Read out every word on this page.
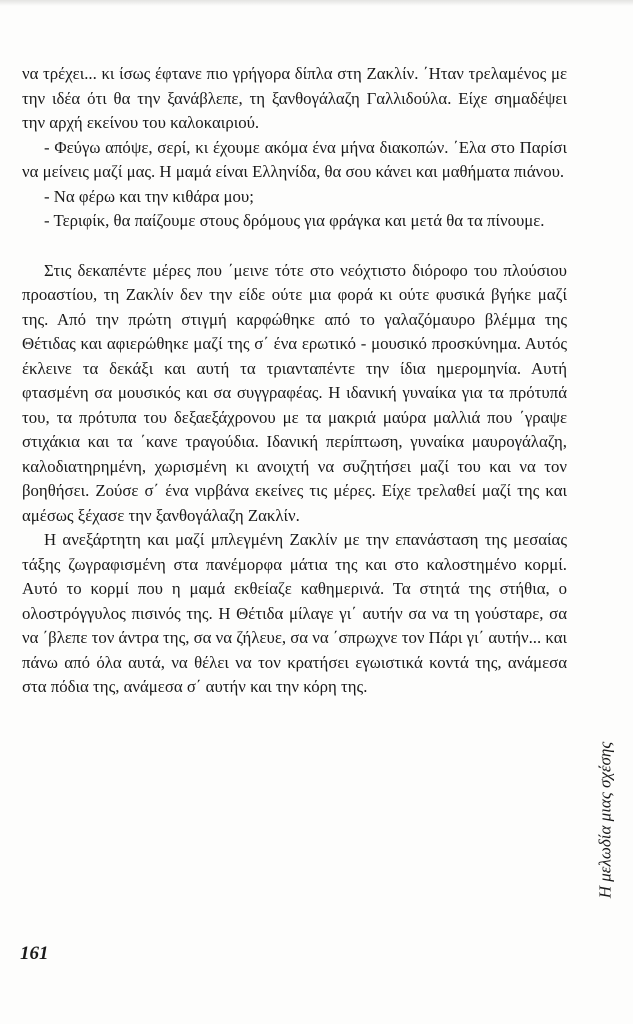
να τρέχει... κι ίσως έφτανε πιο γρήγορα δίπλα στη Ζακλίν. ΄Ηταν τρελαμένος με την ιδέα ότι θα την ξανάβλεπε, τη ξανθογάλαζη Γαλλιδούλα. Είχε σημαδέψει την αρχή εκείνου του καλοκαιριού.

- Φεύγω απόψε, σερί, κι έχουμε ακόμα ένα μήνα διακοπών. ΄Ελα στο Παρίσι να μείνεις μαζί μας. Η μαμά είναι Ελληνίδα, θα σου κάνει και μαθήματα πιάνου.

- Να φέρω και την κιθάρα μου;

- Τεριφίκ, θα παίζουμε στους δρόμους για φράγκα και μετά θα τα πίνουμε.

Στις δεκαπέντε μέρες που ΄μεινε τότε στο νεόχτιστο διόροφο του πλούσιου προαστίου, τη Ζακλίν δεν την είδε ούτε μια φορά κι ούτε φυσικά βγήκε μαζί της. Από την πρώτη στιγμή καρφώθηκε από το γαλαζόμαυρο βλέμμα της Θέτιδας και αφιερώθηκε μαζί της σ΄ ένα ερωτικό - μουσικό προσκύνημα. Αυτός έκλεινε τα δεκάξι και αυτή τα τριανταπέντε την ίδια ημερομηνία. Αυτή φτασμένη σα μουσικός και σα συγγραφέας. Η ιδανική γυναίκα για τα πρότυπά του, τα πρότυπα του δεξαεξάχρονου με τα μακριά μαύρα μαλλιά που ΄γραψε στιχάκια και τα ΄κανε τραγούδια. Ιδανική περίπτωση, γυναίκα μαυρογάλαζη, καλοδιατηρημένη, χωρισμένη κι ανοιχτή να συζητήσει μαζί του και να τον βοηθήσει. Ζούσε σ΄ ένα νιρβάνα εκείνες τις μέρες. Είχε τρελαθεί μαζί της και αμέσως ξέχασε την ξανθογάλαζη Ζακλίν.

Η ανεξάρτητη και μαζί μπλεγμένη Ζακλίν με την επανάσταση της μεσαίας τάξης ζωγραφισμένη στα πανέμορφα μάτια της και στο καλοστημένο κορμί. Αυτό το κορμί που η μαμά εκθείαζε καθημερινά. Τα στητά της στήθια, ο ολοστρόγγυλος πισινός της. Η Θέτιδα μίλαγε γι΄ αυτήν σα να τη γούσταρε, σα να ΄βλεπε τον άντρα της, σα να ζήλευε, σα να ΄σπρωχνε τον Πάρι γι΄ αυτήν... και πάνω από όλα αυτά, να θέλει να τον κρατήσει εγωιστικά κοντά της, ανάμεσα στα πόδια της, ανάμεσα σ΄ αυτήν και την κόρη της.

161
Η μελωδία μιας σχέσης
